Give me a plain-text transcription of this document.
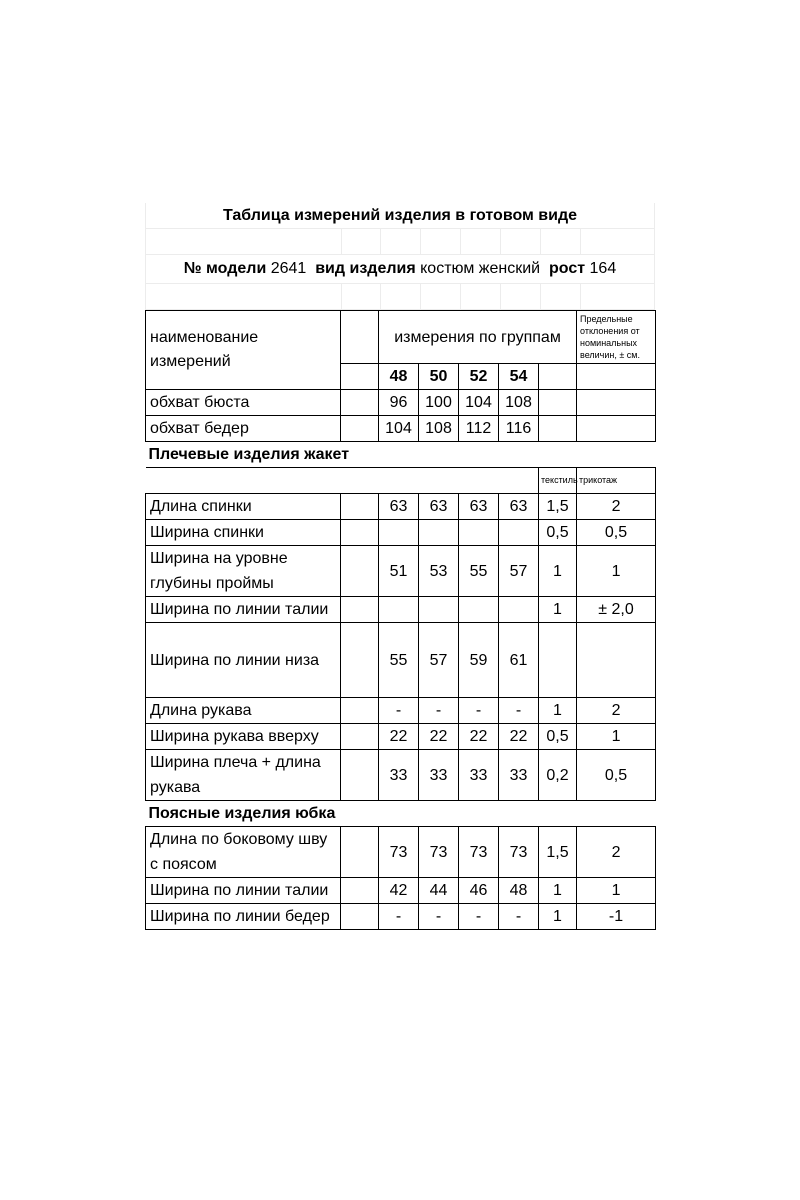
Таблица измерений изделия в готовом виде
№ модели 2641 вид изделия костюм женский рост 164
наименование измерений		измерения по группам					Предельные отклонения от номинальных величин, ± см.
		48	50	52	54		
обхват бюста		96	100	104	108		
обхват бедер		104	108	112	116		
Плечевые изделия жакет							
						текстиль	трикотаж
Длина спинки		63	63	63	63	1,5	2
Ширина спинки						0,5	0,5
Ширина на уровне глубины проймы		51	53	55	57	1	1
Ширина по линии талии						1	± 2,0
Ширина по линии низа		55	57	59	61		
Длина рукава		-	-	-	-	1	2
Ширина рукава вверху		22	22	22	22	0,5	1
Ширина плеча + длина рукава		33	33	33	33	0,2	0,5
Поясные изделия юбка							
Длина по боковому шву с поясом		73	73	73	73	1,5	2
Ширина по линии талии		42	44	46	48	1	1
Ширина по линии бедер		-	-	-	-	1	-1
